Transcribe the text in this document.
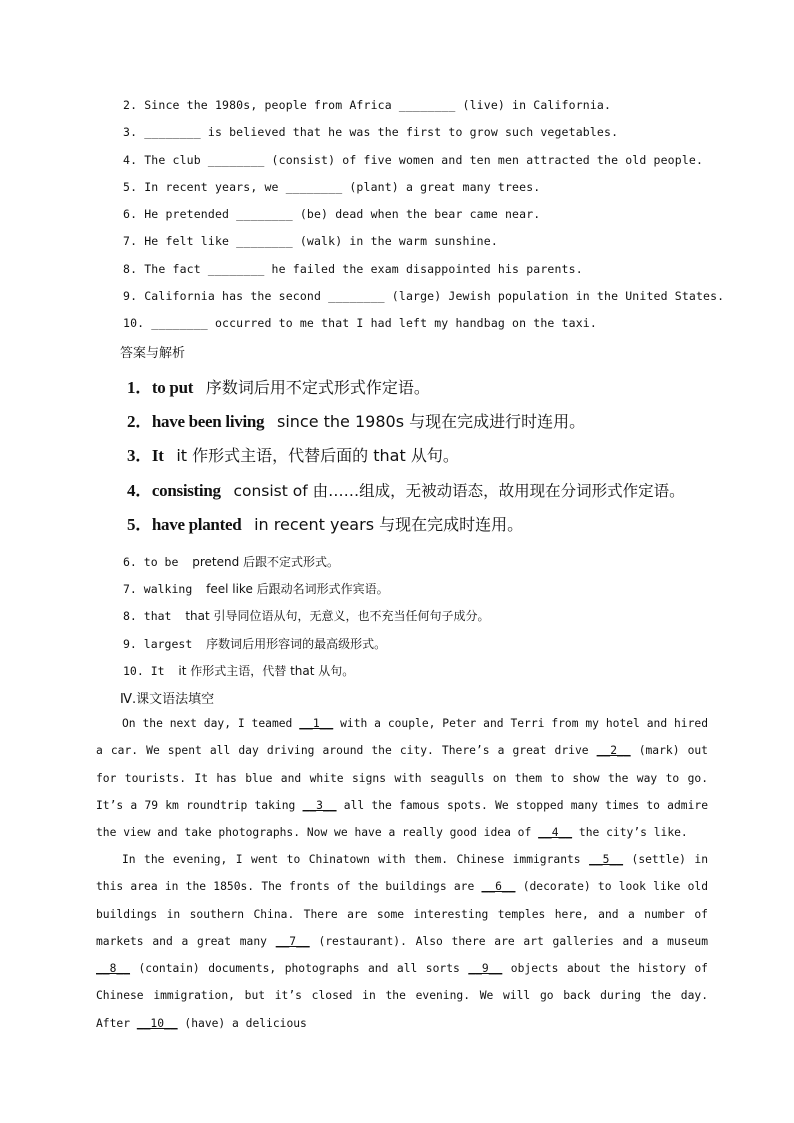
2. Since the 1980s, people from Africa ________ (live) in California.
3. ________ is believed that he was the first to grow such vegetables.
4. The club ________ (consist) of five women and ten men attracted the old people.
5. In recent years, we ________ (plant) a great many trees.
6. He pretended ________ (be) dead when the bear came near.
7. He felt like ________ (walk) in the warm sunshine.
8. The fact ________ he failed the exam disappointed his parents.
9. California has the second ________ (large) Jewish population in the United States.
10. ________ occurred to me that I had left my handbag on the taxi.
答案与解析
1．to put 序数词后用不定式形式作定语。
2．have been living since the 1980s 与现在完成进行时连用。
3．It it 作形式主语，代替后面的 that 从句。
4．consisting consist of 由……组成，无被动语态，故用现在分词形式作定语。
5．have planted in recent years 与现在完成时连用。
6. to be pretend 后跟不定式形式。
7. walking feel like 后跟动名词形式作宾语。
8. that that 引导同位语从句，无意义，也不充当任何句子成分。
9. largest 序数词后用形容词的最高级形式。
10. It it 作形式主语，代替 that 从句。
Ⅳ.课文语法填空
On the next day, I teamed __1__ with a couple, Peter and Terri from my hotel and hired a car. We spent all day driving around the city. There’s a great drive __2__ (mark) out for tourists. It has blue and white signs with seagulls on them to show the way to go. It’s a 79 km roundtrip taking __3__ all the famous spots. We stopped many times to admire the view and take photographs. Now we have a really good idea of __4__ the city’s like.
In the evening, I went to Chinatown with them. Chinese immigrants __5__ (settle) in this area in the 1850s. The fronts of the buildings are __6__ (decorate) to look like old buildings in southern China. There are some interesting temples here, and a number of markets and a great many __7__ (restaurant). Also there are art galleries and a museum __8__ (contain) documents, photographs and all sorts __9__ objects about the history of Chinese immigration, but it’s closed in the evening. We will go back during the day. After __10__ (have) a delicious
